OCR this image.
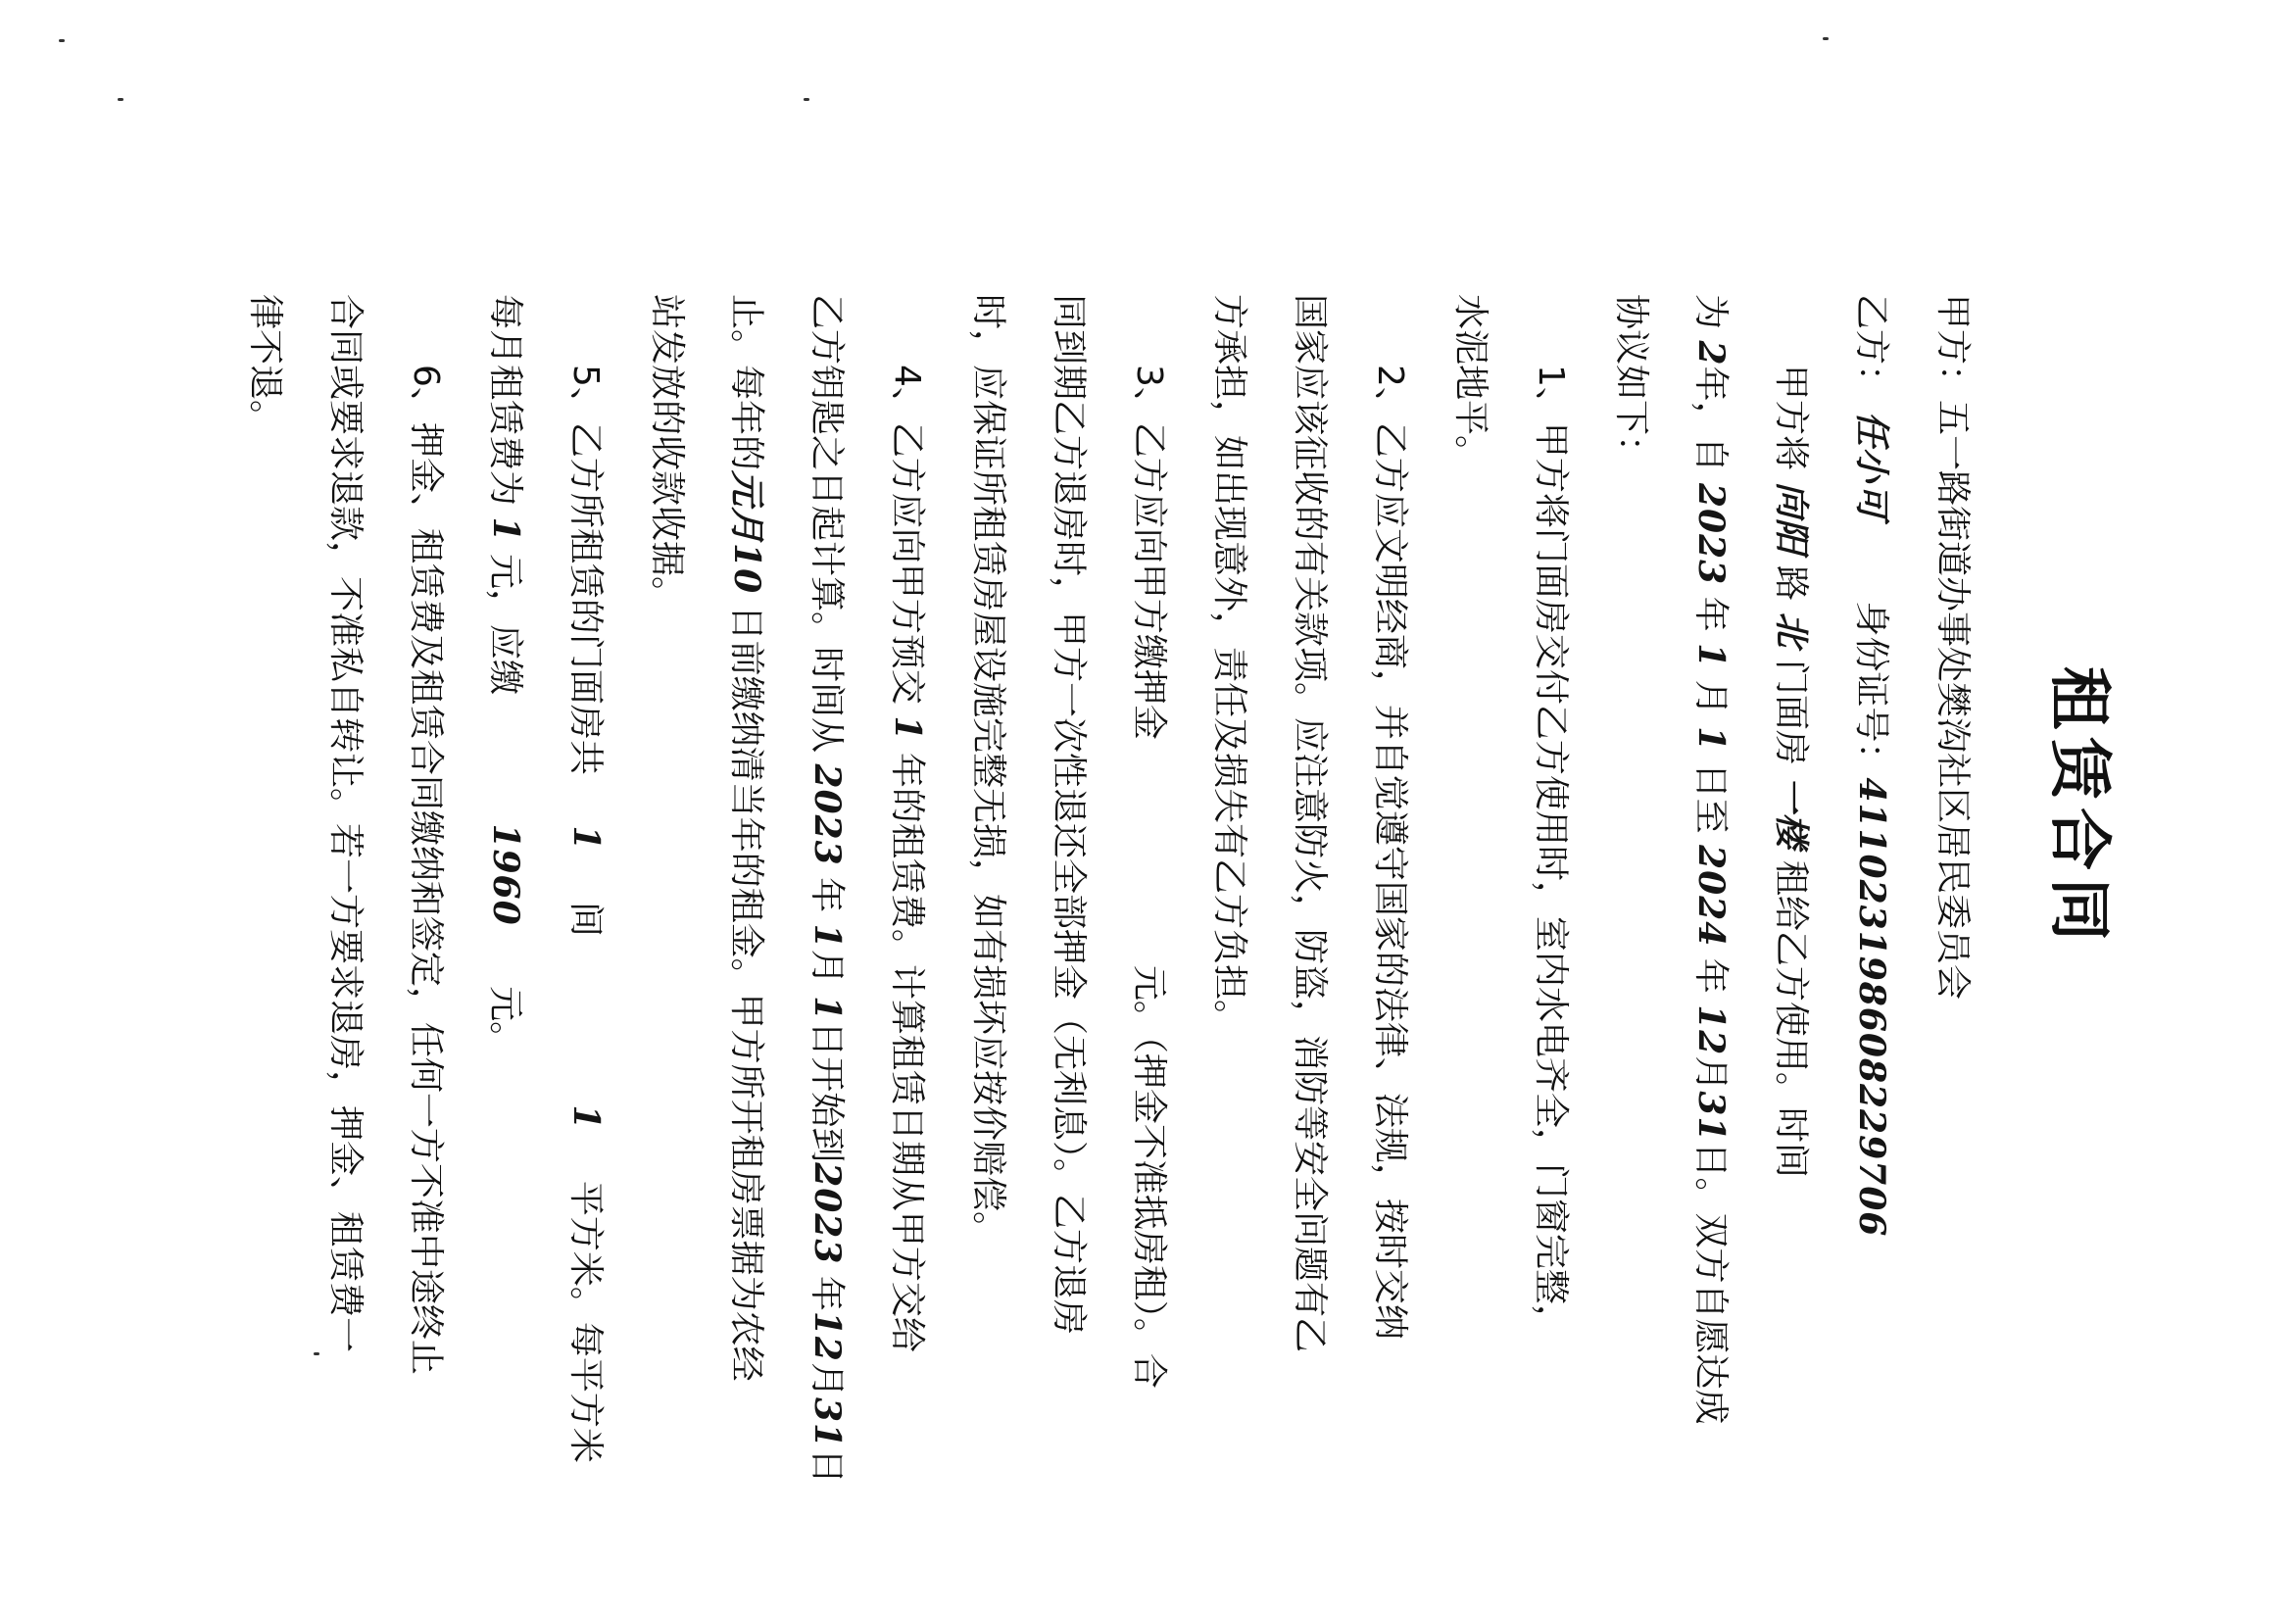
租赁合同
甲方：五一路街道办事处樊沟社区居民委员会
乙方： 任小可  身份证号：411023198608229706
甲方将 向阳 路 北 门面房 一楼 租给乙方使用。时间
为 2年，自 2023 年 1 月 1 日至 2024 年 12月31日。双方自愿达成
协议如下：
1、甲方将门面房交付乙方使用时，室内水电齐全，门窗完整，
水泥地平。
2、乙方应文明经商，并自觉遵守国家的法律、法规，按时交纳
国家应该征收的有关款项。应注意防火，防盗，消防等安全问题有乙
方承担，如出现意外，责任及损失有乙方负担。
3、乙方应向甲方缴押金元。（押金不准抵房租）。合
同到期乙方退房时，甲方一次性退还全部押金（无利息）。乙方退房
时，应保证所租赁房屋设施完整无损，如有损坏应按价赔偿。
4、乙方应向甲方预交 1 年的租赁费。计算租赁日期从甲方交给
乙方钥匙之日起计算。时间从 2023 年 1月 1日开始到2023 年12月31日
止。每年的元月10 日前缴纳清当年的租金。甲方所开租房票据为农经
站发放的收款收据。
5、乙方所租赁的门面房共 1 间 1 平方米。每平方米
每月租赁费为 1 元，应缴 1960 元。
6、押金、租赁费及租赁合同缴纳和签定，任何一方不准中途终止
合同或要求退款，不准私自转让。若一方要求退房，押金、租赁费一
律不退。
